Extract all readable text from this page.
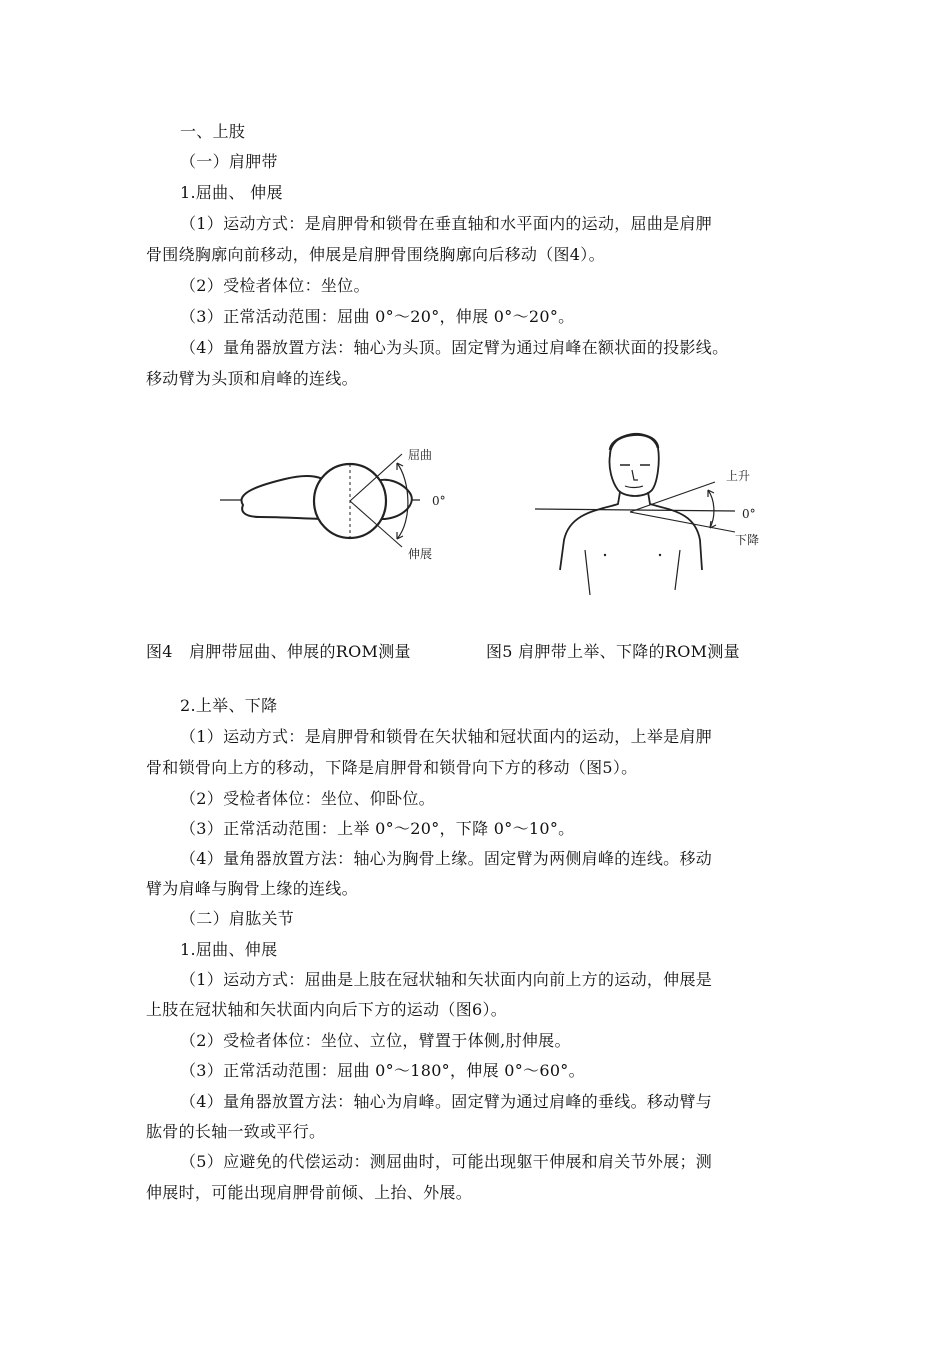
一、上肢
（一）肩胛带
1.屈曲、 伸展
（1）运动方式：是肩胛骨和锁骨在垂直轴和水平面内的运动，屈曲是肩胛
骨围绕胸廓向前移动，伸展是肩胛骨围绕胸廓向后移动（图4）。
（2）受检者体位：坐位。
（3）正常活动范围：屈曲 0°～20°，伸展 0°～20°。
（4）量角器放置方法：轴心为头顶。固定臂为通过肩峰在额状面的投影线。
移动臂为头顶和肩峰的连线。
屈曲
0°
伸展
上升
0°
下降
图4　肩胛带屈曲、伸展的ROM测量	图5 肩胛带上举、下降的ROM测量
2.上举、下降
（1）运动方式：是肩胛骨和锁骨在矢状轴和冠状面内的运动，上举是肩胛
骨和锁骨向上方的移动，下降是肩胛骨和锁骨向下方的移动（图5）。
（2）受检者体位：坐位、仰卧位。
（3）正常活动范围：上举 0°～20°，下降 0°～10°。
（4）量角器放置方法：轴心为胸骨上缘。固定臂为两侧肩峰的连线。移动
臂为肩峰与胸骨上缘的连线。
（二）肩肱关节
1.屈曲、伸展
（1）运动方式：屈曲是上肢在冠状轴和矢状面内向前上方的运动，伸展是
上肢在冠状轴和矢状面内向后下方的运动（图6）。
（2）受检者体位：坐位、立位，臂置于体侧,肘伸展。
（3）正常活动范围：屈曲 0°～180°，伸展 0°～60°。
（4）量角器放置方法：轴心为肩峰。固定臂为通过肩峰的垂线。移动臂与
肱骨的长轴一致或平行。
（5）应避免的代偿运动：测屈曲时，可能出现躯干伸展和肩关节外展；测
伸展时，可能出现肩胛骨前倾、上抬、外展。
